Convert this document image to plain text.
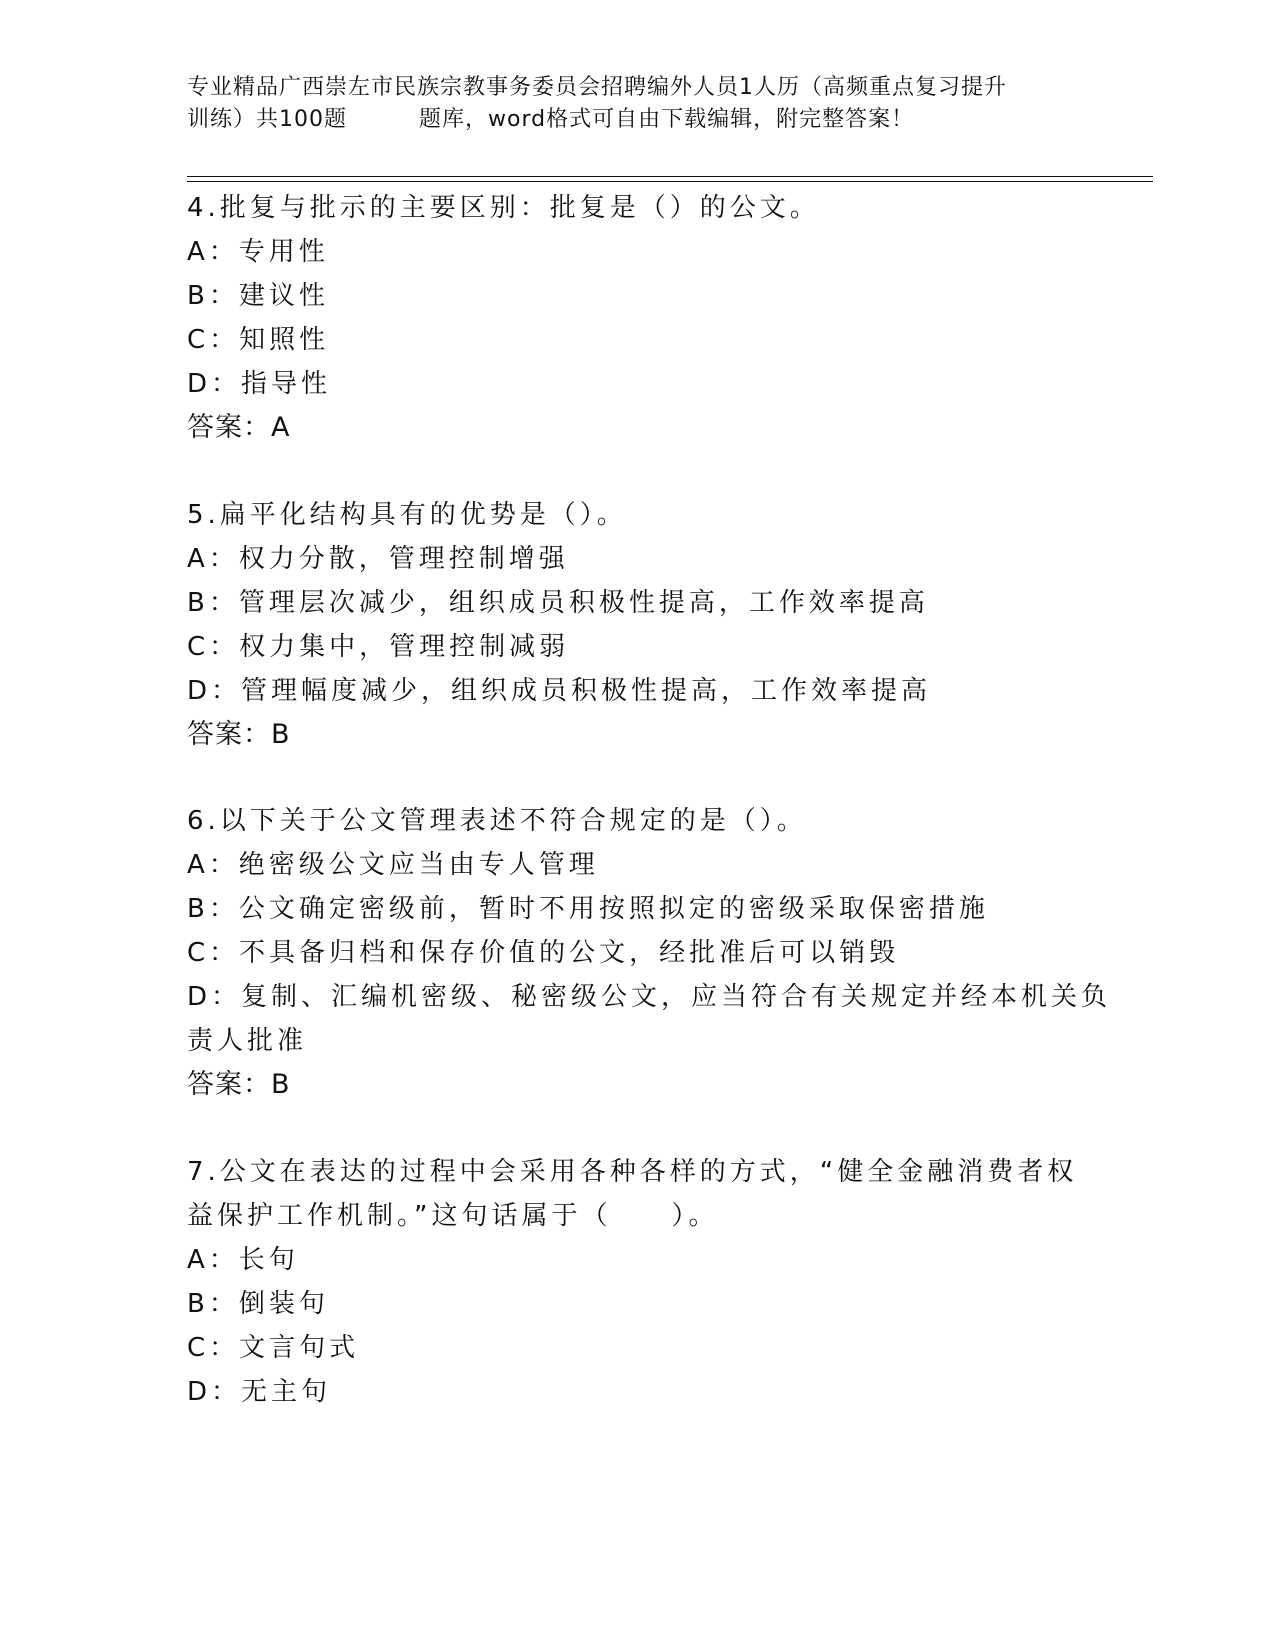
专业精品广西崇左市民族宗教事务委员会招聘编外人员1人历（高频重点复习提升
训练）共100题	题库，word格式可自由下载编辑，附完整答案！
4.批复与批示的主要区别：批复是（）的公文。
A：专用性
B：建议性
C：知照性
D：指导性
答案：A
5.扁平化结构具有的优势是（）。
A：权力分散，管理控制增强
B：管理层次减少，组织成员积极性提高，工作效率提高
C：权力集中，管理控制减弱
D：管理幅度减少，组织成员积极性提高，工作效率提高
答案：B
6.以下关于公文管理表述不符合规定的是（）。
A：绝密级公文应当由专人管理
B：公文确定密级前，暂时不用按照拟定的密级采取保密措施
C：不具备归档和保存价值的公文，经批准后可以销毁
D：复制、汇编机密级、秘密级公文，应当符合有关规定并经本机关负
责人批准
答案：B
7.公文在表达的过程中会采用各种各样的方式，“健全金融消费者权
益保护工作机制。”这句话属于（　　）。
A：长句
B：倒装句
C：文言句式
D：无主句
